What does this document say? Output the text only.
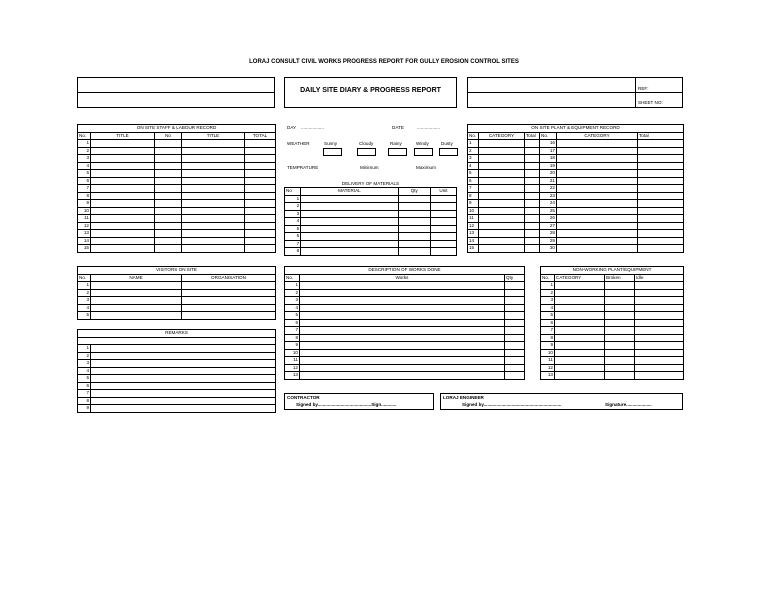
LORAJ CONSULT CIVIL WORKS PROGRESS REPORT FOR GULLY EROSION CONTROL SITES
DAILY SITE DIARY & PROGRESS REPORT	REF:
SHEET NO:
ON SITE STAFF & LABOUR RECORD				
No.	TITLE	No	TITLE	TOTAL
1				
2				
3				
4				
5				
6				
7				
8				
9				
10				
11				
12				
13				
14				
15				
DAY ..................	DATE	..................
WEATHER	Sunny	Cloudy	Rainy	Windy	Dusty
TEMPRATURE	Minimum	Maximum
DELIVERY OF MATERIALS
No	MATERIAL	Qty	Unit
1			
2			
3			
4			
5			
6			
7			
8			
ON SITE PLANT & EQUIPMENT RECORD					
No.	CATEGORY	Total	No.	CATEGORY	Total
1			16		
2			17		
3			18		
4			19		
5			20		
6			21		
7			22		
8			23		
9			24		
10			25		
11			26		
12			27		
13			28		
14			29		
15			30		
VISITORS ON SITE		
No.	NAME	ORGANISATION
1		
2		
3		
4		
5		
REMARKS	

1	
2	
3	
4	
5	
6	
7	
8	
9	
DESCRIPTION OF WORKS DONE		
No.	Works	Qty
1		
2		
3		
4		
5		
6		
7		
8		
9		
10		
11		
12		
13		
NON-WORKING PLANT/EQUIPMENT			
No.	CATEGORY	Broken	Idle
1			
2			
3			
4			
5			
6			
7			
8			
9			
10			
11			
12			
13			
CONTRACTOR
Signed by..........................................Sign............
LORAJ ENGINEER
Signed by.............................................................	Signature....................
